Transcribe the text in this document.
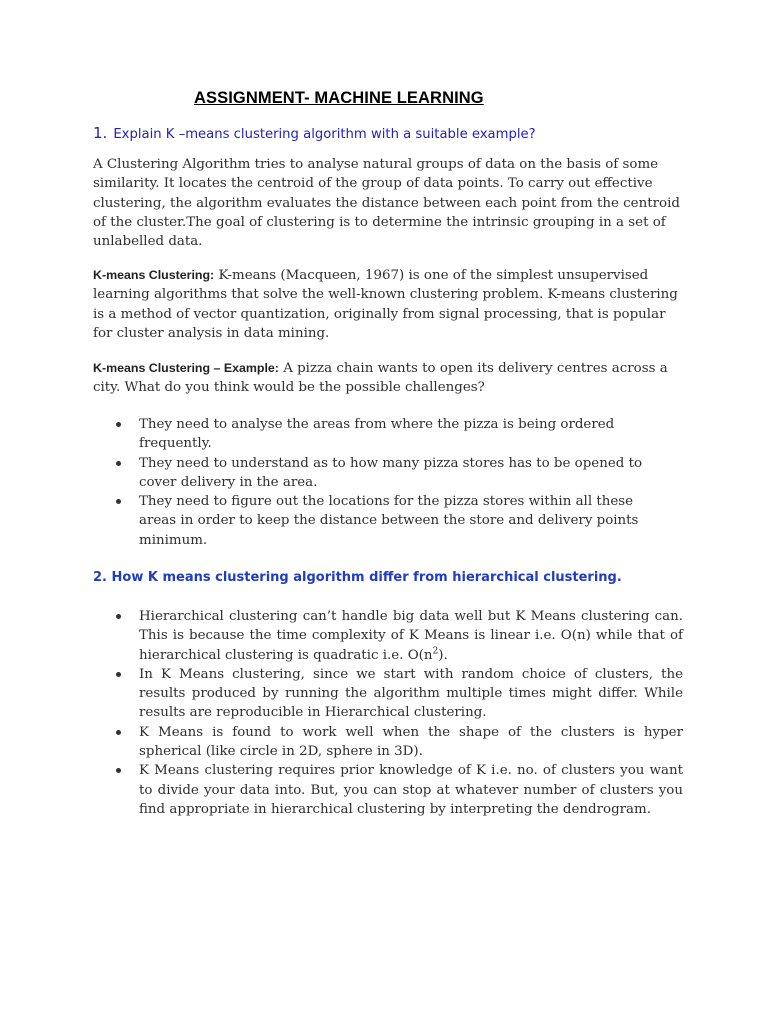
ASSIGNMENT- MACHINE LEARNING
1. Explain K –means clustering algorithm with a suitable example?
A Clustering Algorithm tries to analyse natural groups of data on the basis of some similarity. It locates the centroid of the group of data points. To carry out effective clustering, the algorithm evaluates the distance between each point from the centroid of the cluster.The goal of clustering is to determine the intrinsic grouping in a set of unlabelled data.
K-means Clustering: K-means (Macqueen, 1967) is one of the simplest unsupervised learning algorithms that solve the well-known clustering problem. K-means clustering is a method of vector quantization, originally from signal processing, that is popular for cluster analysis in data mining.
K-means Clustering – Example: A pizza chain wants to open its delivery centres across a city. What do you think would be the possible challenges?
They need to analyse the areas from where the pizza is being ordered frequently.
They need to understand as to how many pizza stores has to be opened to cover delivery in the area.
They need to figure out the locations for the pizza stores within all these areas in order to keep the distance between the store and delivery points minimum.
2. How K means clustering algorithm differ from hierarchical clustering.
Hierarchical clustering can’t handle big data well but K Means clustering can. This is because the time complexity of K Means is linear i.e. O(n) while that of hierarchical clustering is quadratic i.e. $O(n^2)$.
In K Means clustering, since we start with random choice of clusters, the results produced by running the algorithm multiple times might differ. While results are reproducible in Hierarchical clustering.
K Means is found to work well when the shape of the clusters is hyper spherical (like circle in 2D, sphere in 3D).
K Means clustering requires prior knowledge of K i.e. no. of clusters you want to divide your data into. But, you can stop at whatever number of clusters you find appropriate in hierarchical clustering by interpreting the dendrogram.
